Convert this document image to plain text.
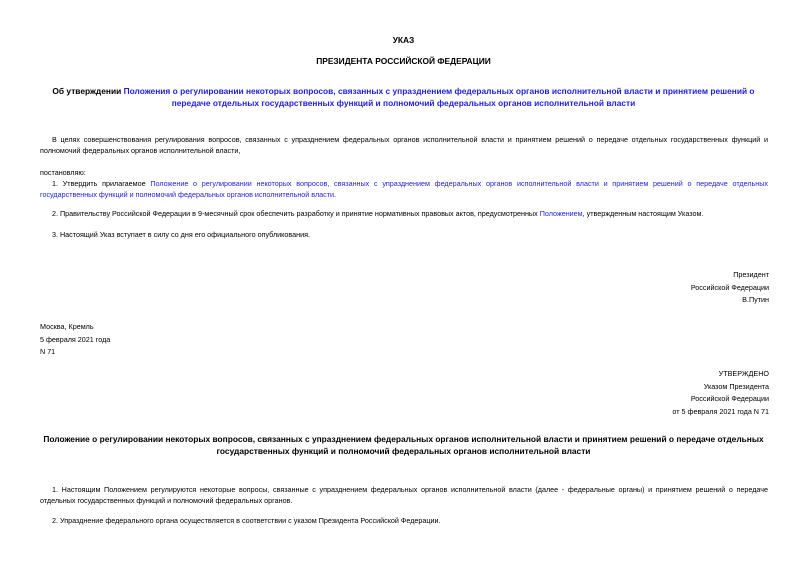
УКАЗ
ПРЕЗИДЕНТА РОССИЙСКОЙ ФЕДЕРАЦИИ
Об утверждении Положения о регулировании некоторых вопросов, связанных с упразднением федеральных органов исполнительной власти и принятием решений о передаче отдельных государственных функций и полномочий федеральных органов исполнительной власти
В целях совершенствования регулирования вопросов, связанных с упразднением федеральных органов исполнительной власти и принятием решений о передаче отдельных государственных функций и полномочий федеральных органов исполнительной власти,
постановляю:
1. Утвердить прилагаемое Положение о регулировании некоторых вопросов, связанных с упразднением федеральных органов исполнительной власти и принятием решений о передаче отдельных государственных функций и полномочий федеральных органов исполнительной власти.
2. Правительству Российской Федерации в 9-месячный срок обеспечить разработку и принятие нормативных правовых актов, предусмотренных Положением, утвержденным настоящим Указом.
3. Настоящий Указ вступает в силу со дня его официального опубликования.
Президент
Российской Федерации
В.Путин
Москва, Кремль
5 февраля 2021 года
N 71
УТВЕРЖДЕНО
Указом Президента
Российской Федерации
от 5 февраля 2021 года N 71
Положение о регулировании некоторых вопросов, связанных с упразднением федеральных органов исполнительной власти и принятием решений о передаче отдельных государственных функций и полномочий федеральных органов исполнительной власти
1. Настоящим Положением регулируются некоторые вопросы, связанные с упразднением федеральных органов исполнительной власти (далее - федеральные органы) и принятием решений о передаче отдельных государственных функций и полномочий федеральных органов.
2. Упразднение федерального органа осуществляется в соответствии с указом Президента Российской Федерации.
